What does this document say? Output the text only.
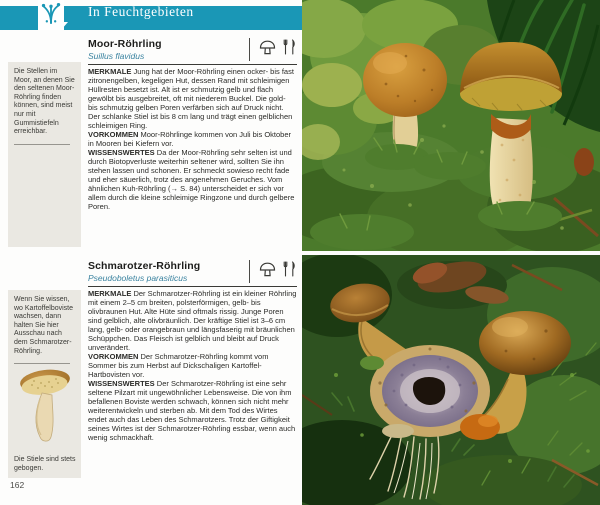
In Feuchtgebieten
Die Stellen im Moor, an denen Sie den seltenen Moor-Röhrling finden können, sind meist nur mit Gummistiefeln erreichbar.
Wenn Sie wissen, wo Kartoffelboviste wachsen, dann halten Sie hier Ausschau nach dem Schmarotzer-Röhrling.
Die Stiele sind stets gebogen.
162
Moor-Röhrling
Suillus flavidus

MERKMALE Jung hat der Moor-Röhrling einen ocker- bis fast zitronengelben, kegeligen Hut, dessen Rand mit schleimigen Hüllresten besetzt ist. Alt ist er schmutzig gelb und flach gewölbt bis ausgebreitet, oft mit niederem Buckel. Die gold- bis schmutzig gelben Poren verfärben sich auf Druck nicht. Der schlanke Stiel ist bis 8 cm lang und trägt einen gelblichen schleimigen Ring.

VORKOMMEN Moor-Röhrlinge kommen von Juli bis Oktober in Mooren bei Kiefern vor.

WISSENSWERTES Da der Moor-Röhrling sehr selten ist und durch Biotopverluste weiterhin seltener wird, sollten Sie ihn stehen lassen und schonen. Er schmeckt sowieso recht fade und eher säuerlich, trotz des angenehmen Geruches. Vom ähnlichen Kuh-Röhrling (→ S. 84) unterscheidet er sich vor allem durch die kleine schleimige Ringzone und durch gelbere Poren.

Schmarotzer-Röhrling
Pseudoboletus parasiticus

MERKMALE Der Schmarotzer-Röhrling ist ein kleiner Röhrling mit einem 2–5 cm breiten, polsterförmigen, gelb- bis olivbraunen Hut. Alte Hüte sind oftmals rissig. Junge Poren sind gelblich, alte olivbräunlich. Der kräftige Stiel ist 3–6 cm lang, gelb- oder orangebraun und längsfaserig mit bräunlichen Schüppchen. Das Fleisch ist gelblich und bleibt auf Druck unverändert.

VORKOMMEN Der Schmarotzer-Röhrling kommt vom Sommer bis zum Herbst auf Dickschaligen Kartoffel-Hartbovisten vor.

WISSENSWERTES Der Schmarotzer-Röhrling ist eine sehr seltene Pilzart mit ungewöhnlicher Lebensweise. Die von ihm befallenen Boviste werden schwach, können sich nicht mehr weiterentwickeln und sterben ab. Mit dem Tod des Wirtes endet auch das Leben des Schmarotzers. Trotz der Giftigkeit seines Wirtes ist der Schmarotzer-Röhrling essbar, wenn auch wenig schmackhaft.
